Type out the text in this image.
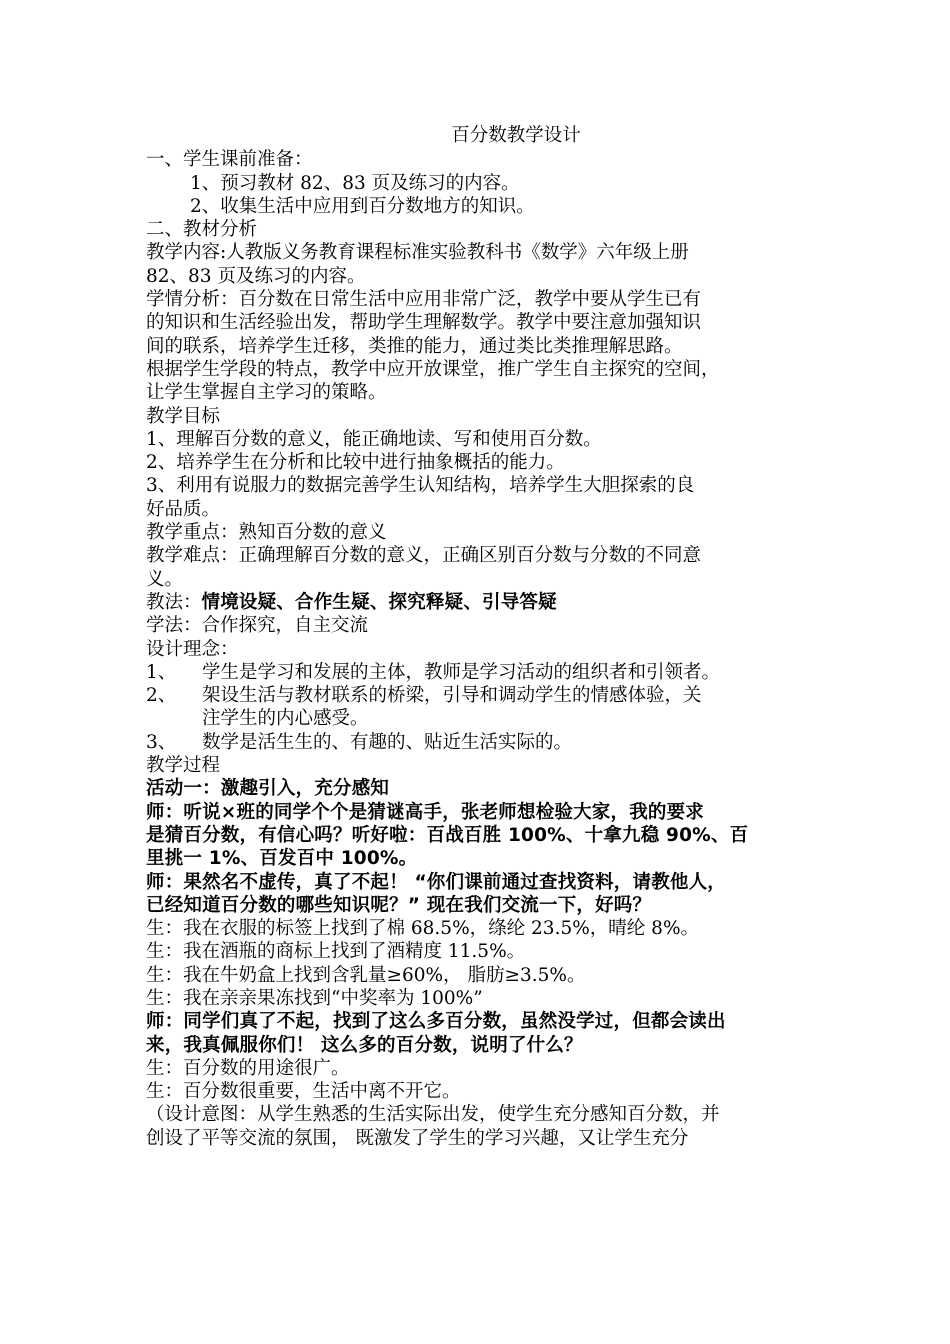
百分数教学设计
一、学生课前准备：
1、预习教材 82、83 页及练习的内容。
2、收集生活中应用到百分数地方的知识。
二、教材分析
教学内容:人教版义务教育课程标准实验教科书《数学》六年级上册
82、83 页及练习的内容。
学情分析：百分数在日常生活中应用非常广泛，教学中要从学生已有
的知识和生活经验出发，帮助学生理解数学。教学中要注意加强知识
间的联系，培养学生迁移，类推的能力，通过类比类推理解思路。
根据学生学段的特点，教学中应开放课堂，推广学生自主探究的空间，
让学生掌握自主学习的策略。
教学目标
1、理解百分数的意义，能正确地读、写和使用百分数。
2、培养学生在分析和比较中进行抽象概括的能力。
3、利用有说服力的数据完善学生认知结构，培养学生大胆探索的良
好品质。
教学重点：熟知百分数的意义
教学难点：正确理解百分数的意义，正确区别百分数与分数的不同意
义。
教法：情境设疑、合作生疑、探究释疑、引导答疑
学法：合作探究，自主交流
设计理念：
1、	学生是学习和发展的主体，教师是学习活动的组织者和引领者。
2、	架设生活与教材联系的桥梁，引导和调动学生的情感体验，关
注学生的内心感受。
3、	数学是活生生的、有趣的、贴近生活实际的。
教学过程
活动一：激趣引入，充分感知
师：听说×班的同学个个是猜谜高手，张老师想检验大家，我的要求
是猜百分数，有信心吗？听好啦：百战百胜 100%、十拿九稳 90%、百
里挑一 1%、百发百中 100%。
师：果然名不虚传，真了不起！ “你们课前通过查找资料，请教他人，
已经知道百分数的哪些知识呢？” 现在我们交流一下，好吗？
生：我在衣服的标签上找到了棉 68.5%，绦纶 23.5%，晴纶 8%。
生：我在酒瓶的商标上找到了酒精度 11.5%。
生：我在牛奶盒上找到含乳量≥60%， 脂肪≥3.5%。
生：我在亲亲果冻找到“中奖率为 100%”
师：同学们真了不起，找到了这么多百分数，虽然没学过，但都会读出
来，我真佩服你们！ 这么多的百分数，说明了什么？
生：百分数的用途很广。
生：百分数很重要，生活中离不开它。
（设计意图：从学生熟悉的生活实际出发，使学生充分感知百分数，并
创设了平等交流的氛围， 既激发了学生的学习兴趣，又让学生充分
